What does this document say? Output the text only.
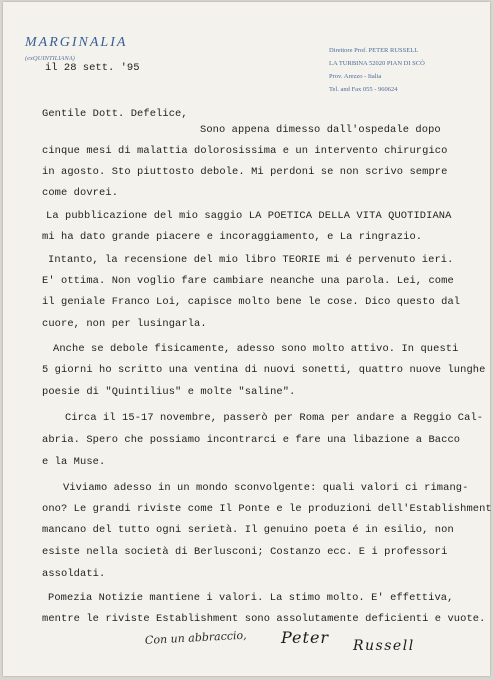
MARGINALIA
(exQUINTILIANA)
il 28 sett. '95
Direttore Prof. PETER RUSSELL
LA TURBINA 52020 PIAN DI SCÒ
Prov. Arezzo - Italia
Tel. and Fax 055 - 960624
Gentile Dott. Defelice,
Sono appena dimesso dall'ospedale dopo
cinque mesi di malattia dolorosissima e un intervento chirurgico
in agosto. Sto piuttosto debole. Mi perdoni se non scrivo sempre
come dovrei.
La pubblicazione del mio saggio LA POETICA DELLA VITA QUOTIDIANA
mi ha dato grande piacere e incoraggiamento, e La ringrazio.
Intanto, la recensione del mio libro TEORIE mi é pervenuto ieri.
E' ottima. Non voglio fare cambiare neanche una parola. Lei, come
il geniale Franco Loi, capisce molto bene le cose. Dico questo dal
cuore, non per lusingarla.
Anche se debole fisicamente, adesso sono molto attivo. In questi
5 giorni ho scritto una ventina di nuovi sonetti, quattro nuove lunghe
poesie di "Quintilius" e molte "saline".
Circa il 15-17 novembre, passerò per Roma per andare a Reggio Cal-
abria. Spero che possiamo incontrarci e fare una libazione a Bacco
e la Muse.
Viviamo adesso in un mondo sconvolgente: quali valori ci rimang-
ono? Le grandi riviste come Il Ponte e le produzioni dell'Establishment
mancano del tutto ogni serietà. Il genuino poeta é in esilio, non
esiste nella società di Berlusconi; Costanzo ecc. E i professori
assoldati.
Pomezia Notizie mantiene i valori. La stimo molto. E' effettiva,
mentre le riviste Establishment sono assolutamente deficienti e vuote.
Con un abbraccio, Peter Russell
